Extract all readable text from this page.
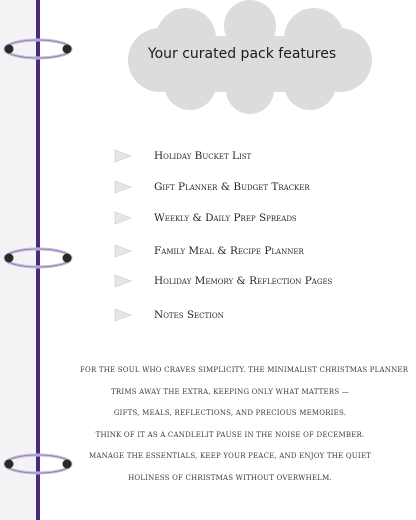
Your curated pack features
Holiday Bucket List
Gift Planner & Budget Tracker
Weekly & Daily Prep Spreads
Family Meal & Recipe Planner
Holiday Memory & Reflection Pages
Notes Section
FOR THE SOUL WHO CRAVES SIMPLICITY. THE MINIMALIST CHRISTMAS PLANNER
TRIMS AWAY THE EXTRA, KEEPING ONLY WHAT MATTERS —
GIFTS, MEALS, REFLECTIONS, AND PRECIOUS MEMORIES.
THINK OF IT AS A CANDLELIT PAUSE IN THE NOISE OF DECEMBER.
MANAGE THE ESSENTIALS, KEEP YOUR PEACE, AND ENJOY THE QUIET
HOLINESS OF CHRISTMAS WITHOUT OVERWHELM.
